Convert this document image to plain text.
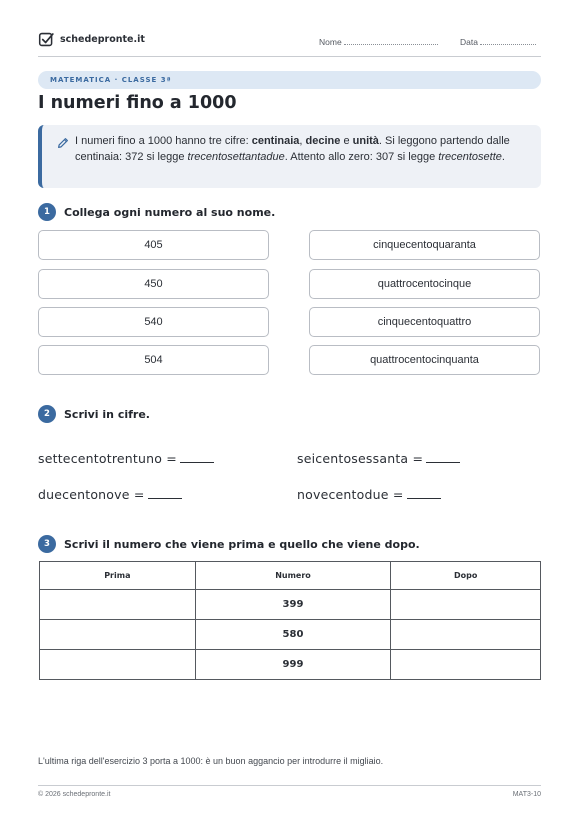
schedepronte.it	Nome	Data
MATEMATICA · CLASSE 3ª
I numeri fino a 1000
I numeri fino a 1000 hanno tre cifre: centinaia, decine e unità. Si leggono partendo dalle centinaia: 372 si legge trecentosettantadue. Attento allo zero: 307 si legge trecentosette.
1	Collega ogni numero al suo nome.
405
450
540
504
cinquecentoquaranta
quattrocentocinque
cinquecentoquattro
quattrocentocinquanta
2	Scrivi in cifre.
settecentotrentuno =	seicentosessanta =
duecentonove =	novecentodue =
3	Scrivi il numero che viene prima e quello che viene dopo.
Prima	Numero	Dopo
	399	
	580	
	999	
L'ultima riga dell'esercizio 3 porta a 1000: è un buon aggancio per introdurre il migliaio.
© 2026 schedepronte.it	MAT3-10
